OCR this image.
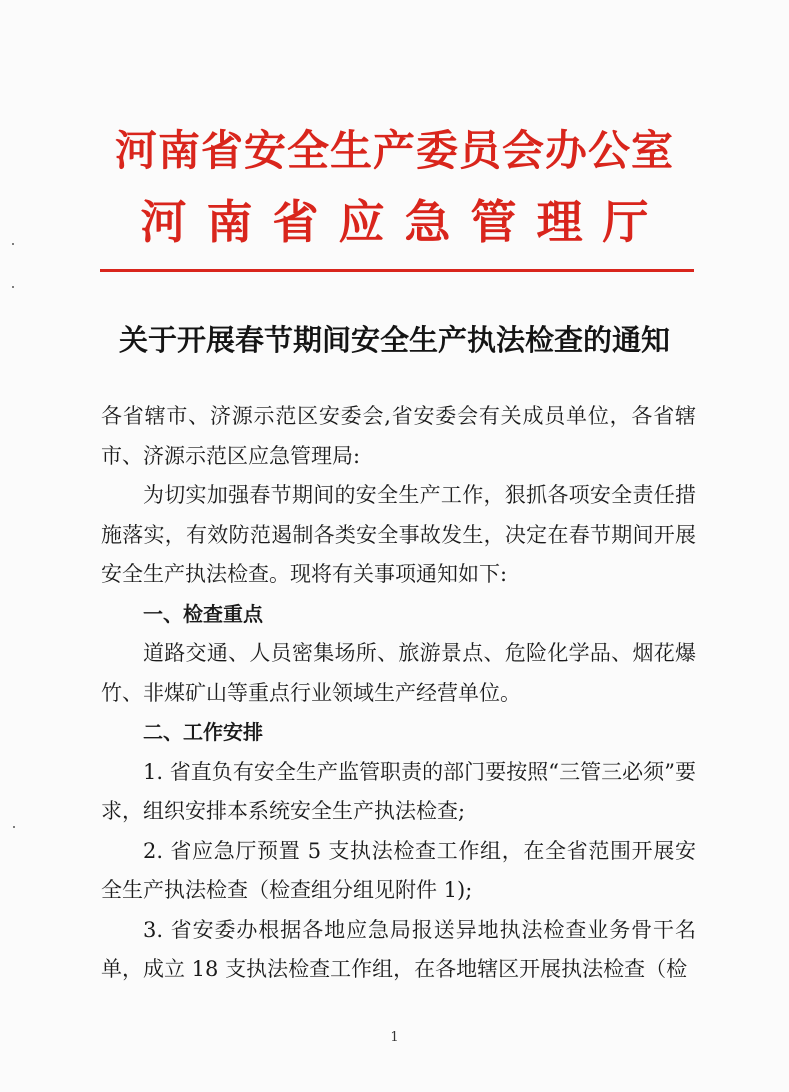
河南省安全生产委员会办公室
河南省应急管理厅
关于开展春节期间安全生产执法检查的通知

各省辖市、济源示范区安委会,省安委会有关成员单位，各省辖市、济源示范区应急管理局:

为切实加强春节期间的安全生产工作，狠抓各项安全责任措施落实，有效防范遏制各类安全事故发生，决定在春节期间开展安全生产执法检查。现将有关事项通知如下:

一、检查重点

道路交通、人员密集场所、旅游景点、危险化学品、烟花爆竹、非煤矿山等重点行业领域生产经营单位。

二、工作安排

1. 省直负有安全生产监管职责的部门要按照“三管三必须”要求，组织安排本系统安全生产执法检查;

2. 省应急厅预置 5 支执法检查工作组，在全省范围开展安全生产执法检查（检查组分组见附件 1);

3. 省安委办根据各地应急局报送异地执法检查业务骨干名单，成立 18 支执法检查工作组，在各地辖区开展执法检查（检

1
